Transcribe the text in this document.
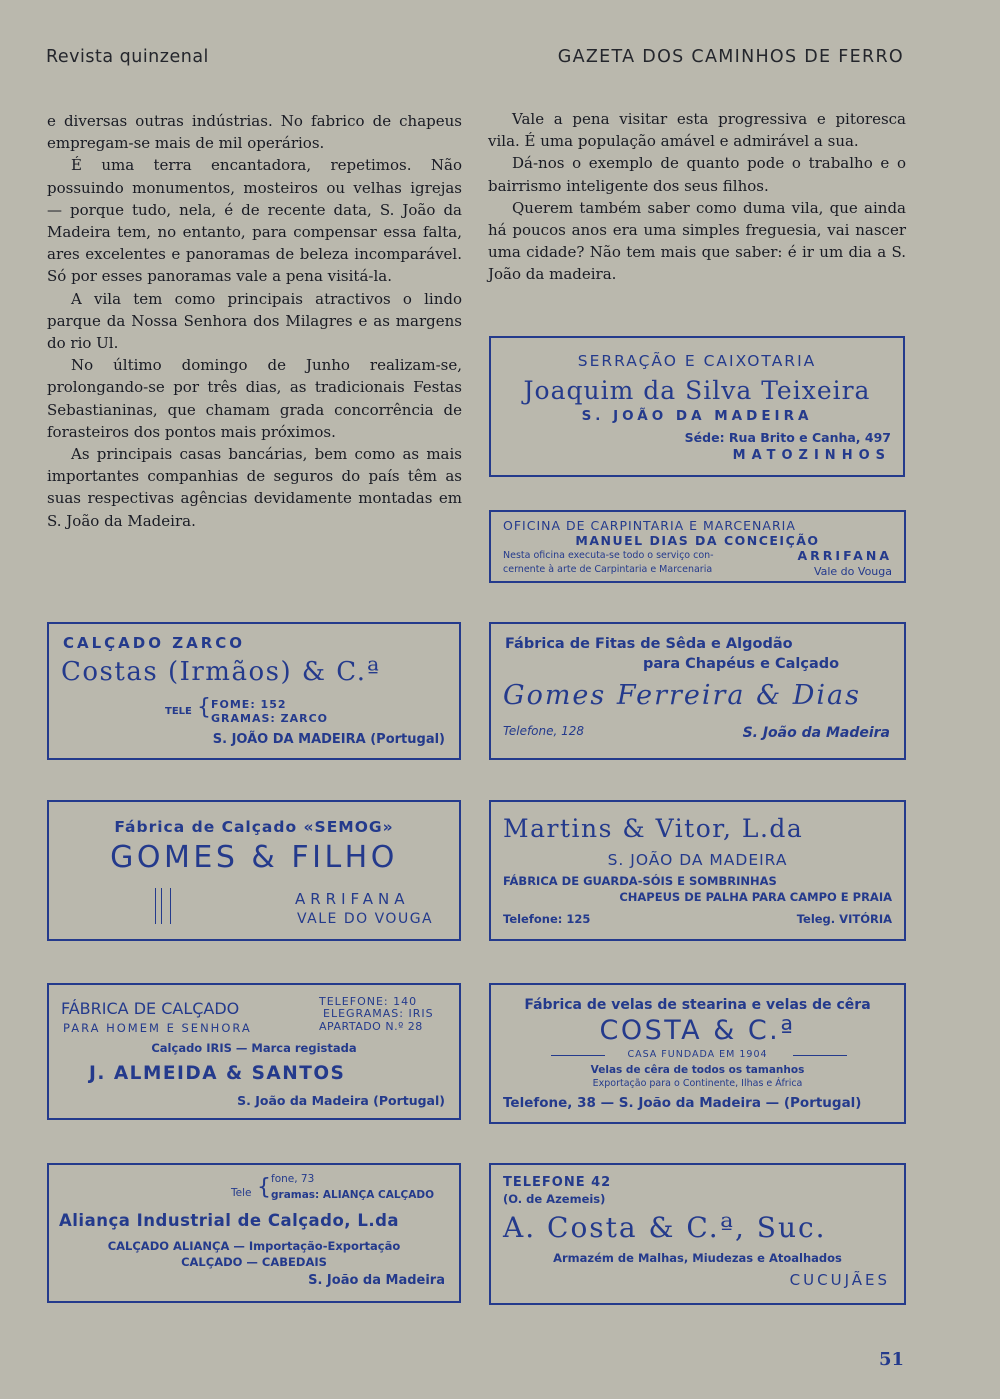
Revista quinzenal	GAZETA DOS CAMINHOS DE FERRO

e diversas outras indústrias. No fabrico de chapeus empregam-se mais de mil operários.

É uma terra encantadora, repetimos. Não possuindo monumentos, mosteiros ou velhas igrejas — porque tudo, nela, é de recente data, S. João da Madeira tem, no entanto, para compensar essa falta, ares excelentes e panoramas de beleza incomparável. Só por esses panoramas vale a pena visitá-la.

A vila tem como principais atractivos o lindo parque da Nossa Senhora dos Milagres e as margens do rio Ul.

No último domingo de Junho realizam-se, prolongando-se por três dias, as tradicionais Festas Sebastianinas, que chamam grada concorrência de forasteiros dos pontos mais próximos.

As principais casas bancárias, bem como as mais importantes companhias de seguros do país têm as suas respectivas agências devidamente montadas em S. João da Madeira.

Vale a pena visitar esta progressiva e pitoresca vila. É uma população amável e admirável a sua.

Dá-nos o exemplo de quanto pode o trabalho e o bairrismo inteligente dos seus filhos.

Querem também saber como duma vila, que ainda há poucos anos era uma simples freguesia, vai nascer uma cidade? Não tem mais que saber: é ir um dia a S. João da madeira.

SERRAÇÃO E CAIXOTARIA
Joaquim da Silva Teixeira
S. JOÃO DA MADEIRA
Séde: Rua Brito e Canha, 497
MATOZINHOS
OFICINA DE CARPINTARIA E MARCENARIA
MANUEL DIAS DA CONCEIÇÃO
Nesta oficina executa-se todo o serviço con-
cernente à arte de Carpintaria e Marcenaria
ARRIFANA
Vale do Vouga
CALÇADO ZARCO
Costas (Irmãos) & C.ª
TELE { FOME: 152
GRAMAS: ZARCO
S. JOÃO DA MADEIRA (Portugal)
Fábrica de Fitas de Sêda e Algodão
para Chapéus e Calçado
Gomes Ferreira & Dias
Telefone, 128	S. João da Madeira
Fábrica de Calçado «SEMOG»
GOMES & FILHO
ARRIFANA
VALE DO VOUGA
Martins & Vitor, L.da
S. JOÃO DA MADEIRA
FÁBRICA DE GUARDA-SÓIS E SOMBRINHAS
CHAPEUS DE PALHA PARA CAMPO E PRAIA
Telefone: 125	Teleg. VITÓRIA
FÁBRICA DE CALÇADO
PARA HOMEM E SENHORA
TELEFONE: 140
ELEGRAMAS: IRIS
APARTADO N.º 28
Calçado IRIS — Marca registada
J. ALMEIDA & SANTOS
S. João da Madeira (Portugal)
Fábrica de velas de stearina e velas de cêra
COSTA & C.ª
CASA FUNDADA EM 1904
Velas de cêra de todos os tamanhos
Exportação para o Continente, Ilhas e África
Telefone, 38 — S. João da Madeira — (Portugal)
Tele { fone, 73
gramas: ALIANÇA CALÇADO
Aliança Industrial de Calçado, L.da
CALÇADO ALIANÇA — Importação-Exportação
CALÇADO — CABEDAIS
S. João da Madeira
TELEFONE 42
(O. de Azemeis)
A. Costa & C.ª, Suc.
Armazém de Malhas, Miudezas e Atoalhados
CUCUJÃES
51
